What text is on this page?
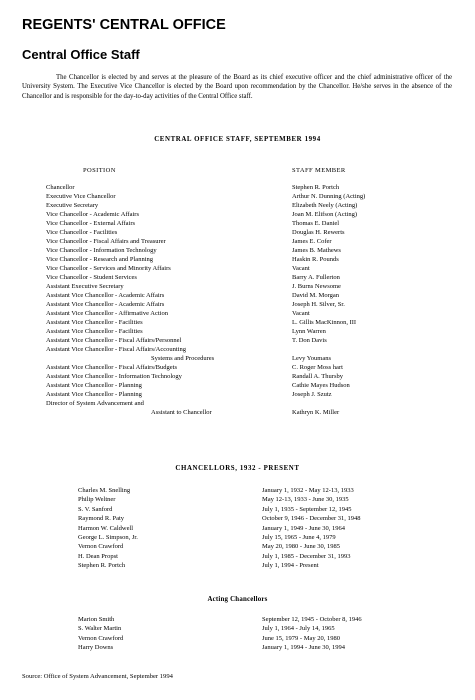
REGENTS' CENTRAL OFFICE
Central Office Staff

The Chancellor is elected by and serves at the pleasure of the Board as its chief executive officer and the chief administrative officer of the University System. The Executive Vice Chancellor is elected by the Board upon recommendation by the Chancellor. He/she serves in the absence of the Chancellor and is responsible for the day-to-day activities of the Central Office staff.

CENTRAL OFFICE STAFF, SEPTEMBER 1994
POSITION	STAFF MEMBER
Chancellor	Stephen R. Portch
Executive Vice Chancellor	Arthur N. Dunning (Acting)
Executive Secretary	Elizabeth Neely (Acting)
Vice Chancellor - Academic Affairs	Joan M. Elifson (Acting)
Vice Chancellor - External Affairs	Thomas E. Daniel
Vice Chancellor - Facilities	Douglas H. Rewerts
Vice Chancellor - Fiscal Affairs and Treasurer	James E. Cofer
Vice Chancellor - Information Technology	James B. Mathews
Vice Chancellor - Research and Planning	Haskin R. Pounds
Vice Chancellor - Services and Minority Affairs	Vacant
Vice Chancellor - Student Services	Barry A. Fullerton
Assistant Executive Secretary	J. Burns Newsome
Assistant Vice Chancellor - Academic Affairs	David M. Morgan
Assistant Vice Chancellor - Academic Affairs	Joseph H. Silver, Sr.
Assistant Vice Chancellor - Affirmative Action	Vacant
Assistant Vice Chancellor - Facilities	L. Gillis MacKinnon, III
Assistant Vice Chancellor - Facilities	Lynn Warren
Assistant Vice Chancellor - Fiscal Affairs/Personnel	T. Don Davis
Assistant Vice Chancellor - Fiscal Affairs/Accounting
Systems and Procedures	Levy Youmans
Assistant Vice Chancellor - Fiscal Affairs/Budgets	C. Roger Moss hart
Assistant Vice Chancellor - Information Technology	Randall A. Thursby
Assistant Vice Chancellor - Planning	Cathie Mayes Hudson
Assistant Vice Chancellor - Planning	Joseph J. Szutz
Director of System Advancement and
Assistant to Chancellor	Kathryn K. Miller
CHANCELLORS, 1932 - PRESENT
Charles M. Snelling	January 1, 1932 - May 12-13, 1933
Philip Weltner	May 12-13, 1933 - June 30, 1935
S. V. Sanford	July 1, 1935 - September 12, 1945
Raymond R. Paty	October 9, 1946 - December 31, 1948
Harmon W. Caldwell	January 1, 1949 - June 30, 1964
George L. Simpson, Jr.	July 15, 1965 - June 4, 1979
Vernon Crawford	May 20, 1980 - June 30, 1985
H. Dean Propst	July 1, 1985 - December 31, 1993
Stephen R. Portch	July 1, 1994 - Present
Acting Chancellors
Marion Smith	September 12, 1945 - October 8, 1946
S. Walter Martin	July 1, 1964 - July 14, 1965
Vernon Crawford	June 15, 1979 - May 20, 1980
Harry Downs	January 1, 1994 - June 30, 1994
Source: Office of System Advancement, September 1994
